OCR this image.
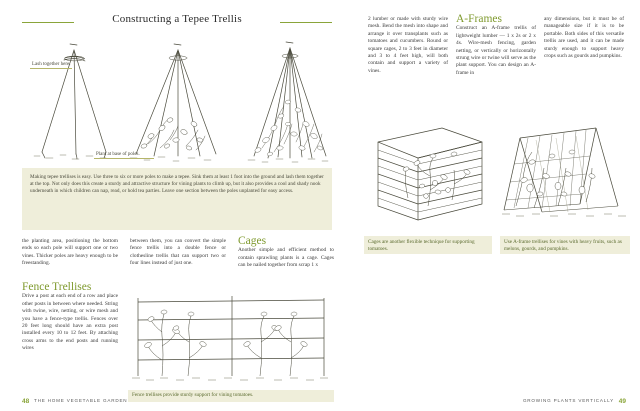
Constructing a Tepee Trellis
Lash together here.
Plant at base of poles.
Making tepee trellises is easy. Use three to six or more poles to make a tepee. Sink them at least 1 foot into the ground and lash them together at the top. Not only does this create a sturdy and attractive structure for vining plants to climb up, but it also provides a cool and shady nook underneath in which children can nap, read, or hold tea parties. Leave one section between the poles unplanted for easy access.

the planting area, positioning the bottom ends so each pole will support one or two vines. Thicker poles are heavy enough to be freestanding.

between them, you can convert the simple fence trellis into a double fence or clothesline trellis that can support two or four lines instead of just one.

Cages

Another simple and efficient method to contain sprawling plants is a cage. Cages can be nailed together from scrap 1 x

Fence Trellises

Drive a post at each end of a row and place other posts in between where needed. String with twine, wire, netting, or wire mesh and you have a fence-type trellis. Fences over 20 feet long should have an extra post installed every 10 to 12 feet. By attaching cross arms to the end posts and running wires

Fence trellises provide sturdy support for vining tomatoes.
48 THE HOME VEGETABLE GARDEN

2 lumber or made with sturdy wire mesh. Bend the mesh into shape and arrange it over transplants such as tomatoes and cucumbers. Round or square cages, 2 to 3 feet in diameter and 3 to 4 feet high, will both contain and support a variety of vines.

A-Frames

Construct an A-frame trellis of lightweight lumber — 1 x 2s or 2 x 4s. Wire-mesh fencing, garden netting, or vertically or horizontally strung wire or twine will serve as the plant support. You can design an A-frame in

any dimensions, but it must be of manageable size if it is to be portable. Both sides of this versatile trellis are used, and it can be made sturdy enough to support heavy crops such as gourds and pumpkins.

Cages are another flexible technique for supporting tomatoes.
Use A-frame trellises for vines with heavy fruits, such as melons, gourds, and pumpkins.
49
GROWING PLANTS VERTICALLY
